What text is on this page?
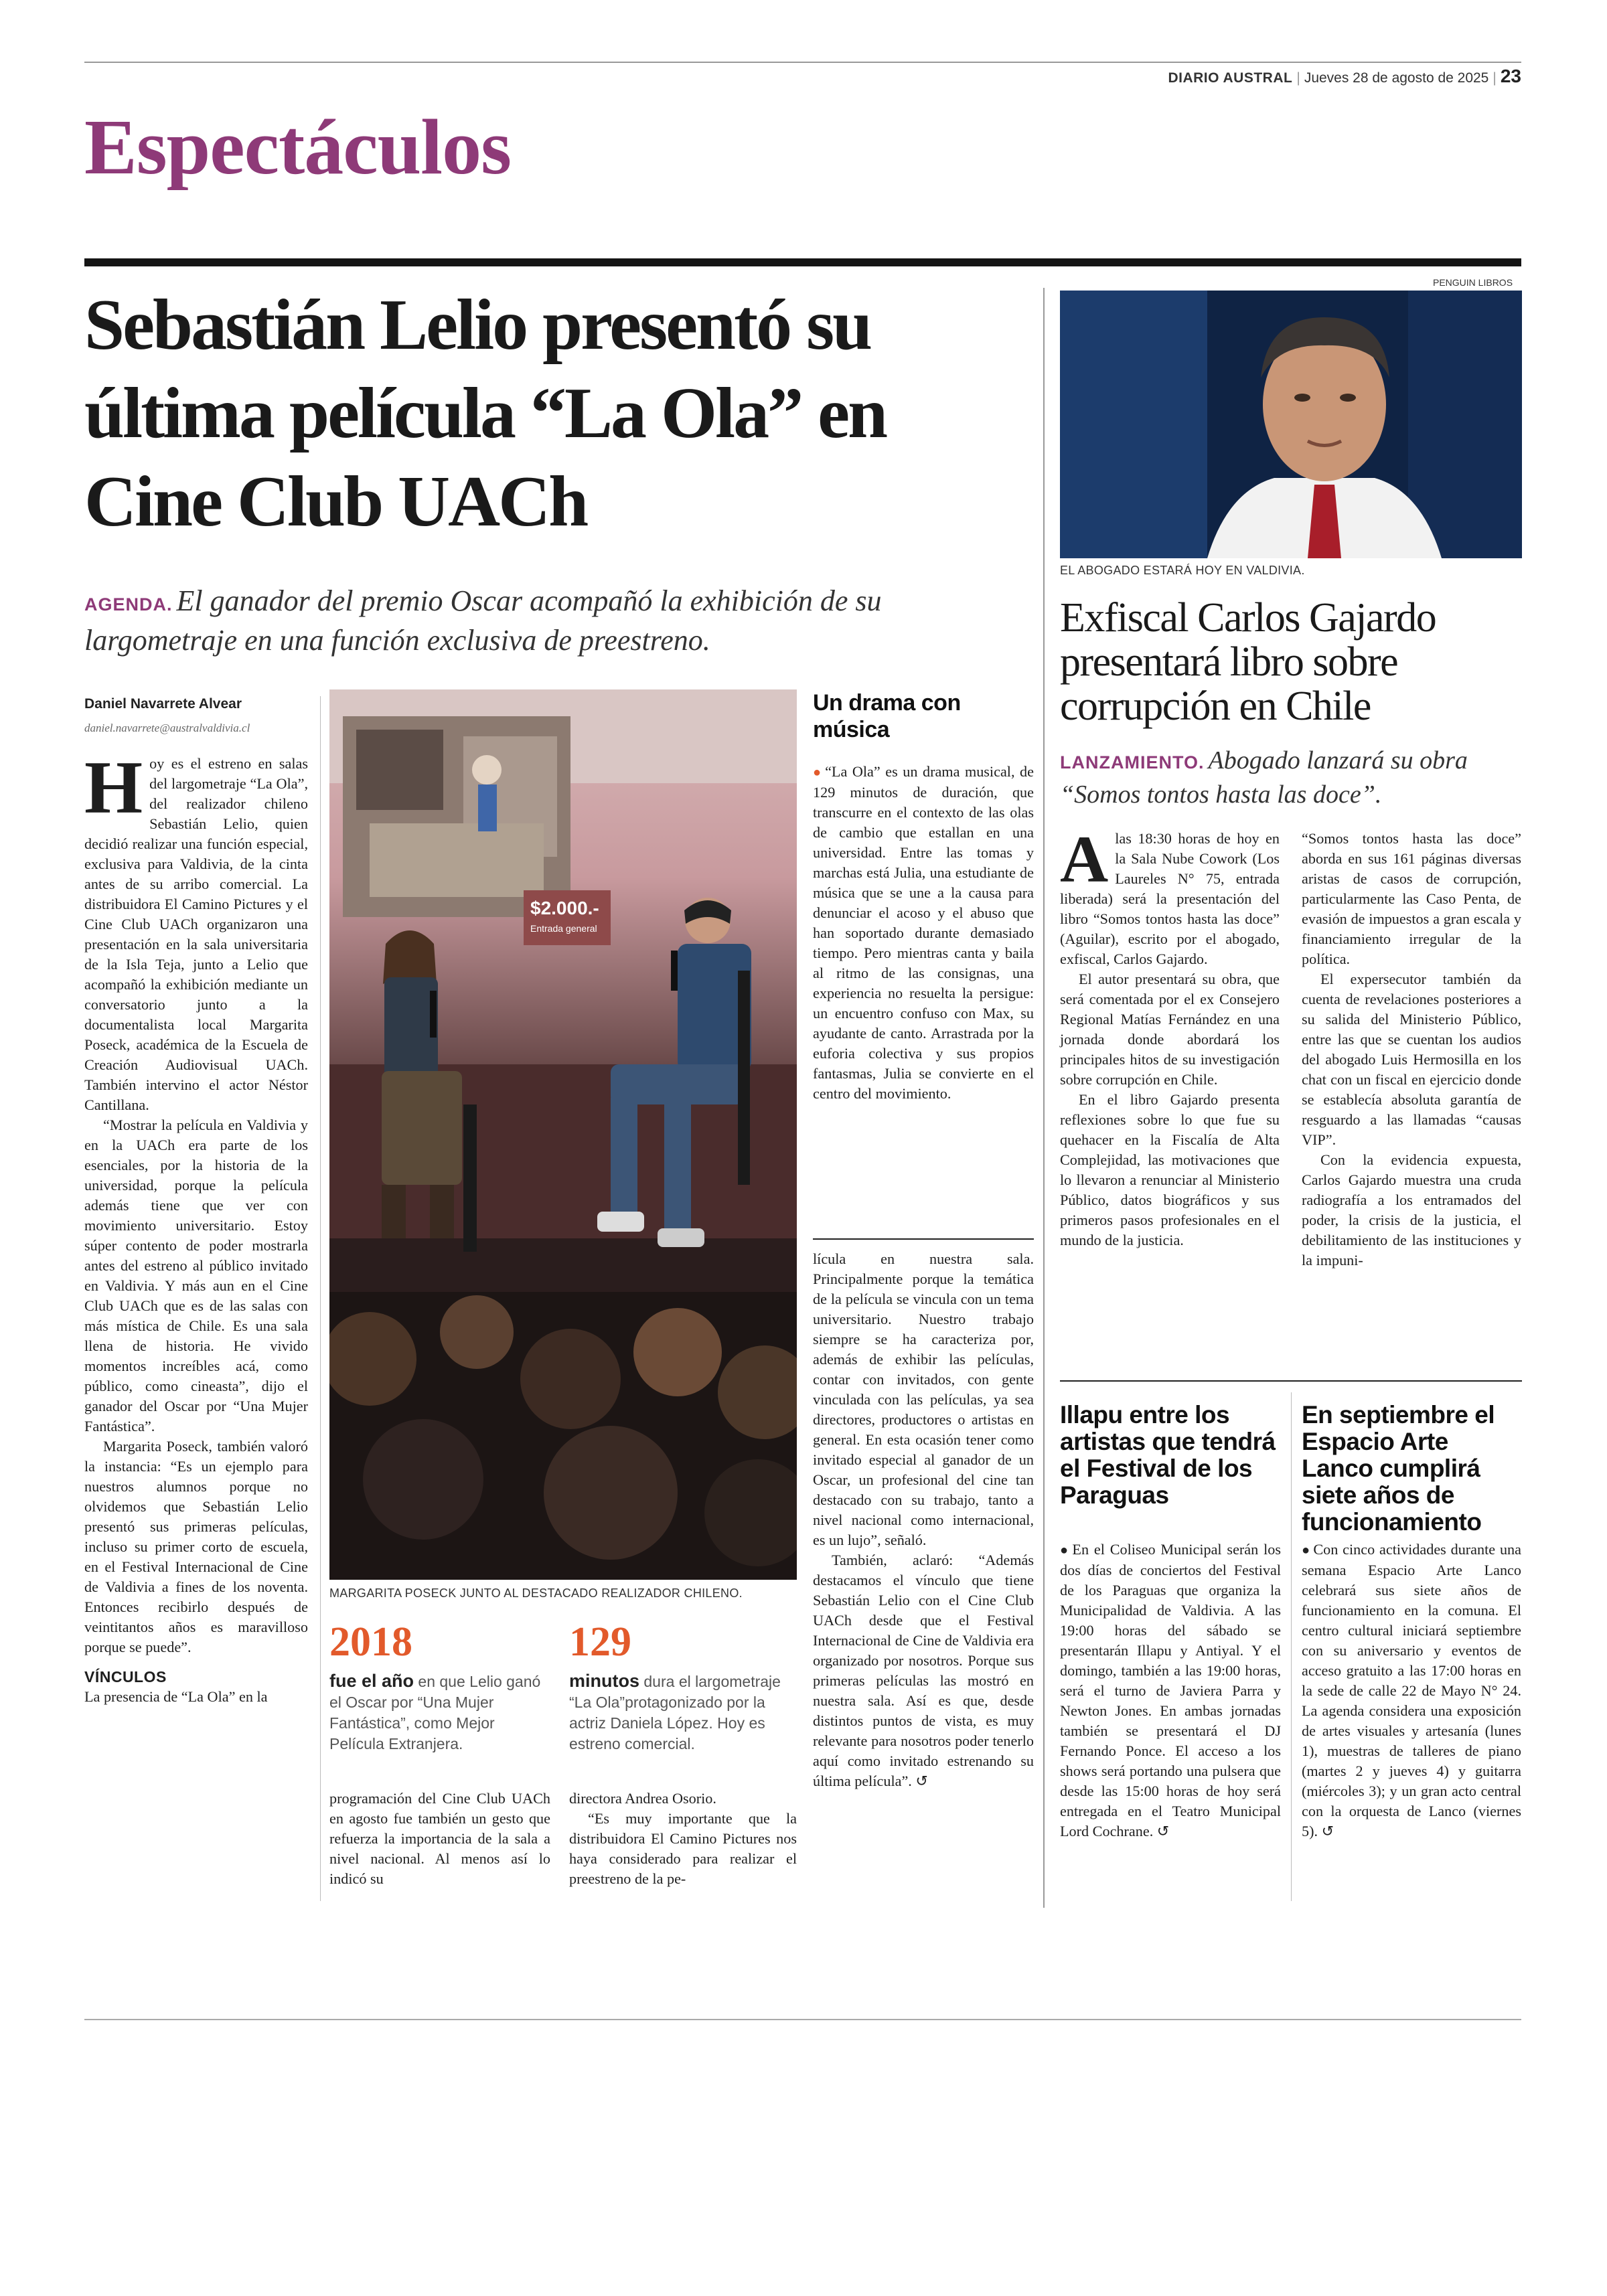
DIARIO AUSTRAL | Jueves 28 de agosto de 2025 | 23
Espectáculos
Sebastián Lelio presentó su última película “La Ola” en Cine Club UACh
AGENDA. El ganador del premio Oscar acompañó la exhibición de su largometraje en una función exclusiva de preestreno.
Daniel Navarrete Alvear
daniel.navarrete@australvaldivia.cl

Hoy es el estreno en salas del largometraje “La Ola”, del realizador chileno Sebastián Lelio, quien decidió realizar una función especial, exclusiva para Valdivia, de la cinta antes de su arribo comercial. La distribuidora El Camino Pictures y el Cine Club UACh organizaron una presentación en la sala universitaria de la Isla Teja, junto a Lelio que acompañó la exhibición mediante un conversatorio junto a la documentalista local Margarita Poseck, académica de la Escuela de Creación Audiovisual UACh. También intervino el actor Néstor Cantillana.

“Mostrar la película en Valdivia y en la UACh era parte de los esenciales, por la historia de la universidad, porque la película además tiene que ver con movimiento universitario. Estoy súper contento de poder mostrarla antes del estreno al público invitado en Valdivia. Y más aun en el Cine Club UACh que es de las salas con más mística de Chile. Es una sala llena de historia. He vivido momentos increíbles acá, como público, como cineasta”, dijo el ganador del Oscar por “Una Mujer Fantástica”.

Margarita Poseck, también valoró la instancia: “Es un ejemplo para nuestros alumnos porque no olvidemos que Sebastián Lelio presentó sus primeras películas, incluso su primer corto de escuela, en el Festival Internacional de Cine de Valdivia a fines de los noventa. Entonces recibirlo después de veintitantos años es maravilloso porque se puede”.

VÍNCULOS

La presencia de “La Ola” en la

$2.000.-
Entrada general
MARGARITA POSECK JUNTO AL DESTACADO REALIZADOR CHILENO.
2018
fue el año en que Lelio ganó el Oscar por “Una Mujer Fantástica”, como Mejor Película Extranjera.
129
minutos dura el largometraje “La Ola”protagonizado por la actriz Daniela López. Hoy es estreno comercial.

programación del Cine Club UACh en agosto fue también un gesto que refuerza la importancia de la sala a nivel nacional. Al menos así lo indicó su

directora Andrea Osorio.

“Es muy importante que la distribuidora El Camino Pictures nos haya considerado para realizar el preestreno de la pe-

Un drama con música

● “La Ola” es un drama musical, de 129 minutos de duración, que transcurre en el contexto de las olas de cambio que estallan en una universidad. Entre las tomas y marchas está Julia, una estudiante de música que se une a la causa para denunciar el acoso y el abuso que han soportado durante demasiado tiempo. Pero mientras canta y baila al ritmo de las consignas, una experiencia no resuelta la persigue: un encuentro confuso con Max, su ayudante de canto. Arrastrada por la euforia colectiva y sus propios fantasmas, Julia se convierte en el centro del movimiento.

lícula en nuestra sala. Principalmente porque la temática de la película se vincula con un tema universitario. Nuestro trabajo siempre se ha caracteriza por, además de exhibir las películas, contar con invitados, con gente vinculada con las películas, ya sea directores, productores o artistas en general. En esta ocasión tener como invitado especial al ganador de un Oscar, un profesional del cine tan destacado con su trabajo, tanto a nivel nacional como internacional, es un lujo”, señaló.

También, aclaró: “Además destacamos el vínculo que tiene Sebastián Lelio con el Cine Club UACh desde que el Festival Internacional de Cine de Valdivia era organizado por nosotros. Porque sus primeras películas las mostró en nuestra sala. Así es que, desde distintos puntos de vista, es muy relevante para nosotros poder tenerlo aquí como invitado estrenando su última película”. ↺

PENGUIN LIBROS
EL ABOGADO ESTARÁ HOY EN VALDIVIA.
Exfiscal Carlos Gajardo presentará libro sobre corrupción en Chile
LANZAMIENTO. Abogado lanzará su obra “Somos tontos hasta las doce”.

Alas 18:30 horas de hoy en la Sala Nube Cowork (Los Laureles N° 75, entrada liberada) será la presentación del libro “Somos tontos hasta las doce” (Aguilar), escrito por el abogado, exfiscal, Carlos Gajardo.

El autor presentará su obra, que será comentada por el ex Consejero Regional Matías Fernández en una jornada donde abordará los principales hitos de su investigación sobre corrupción en Chile.

En el libro Gajardo presenta reflexiones sobre lo que fue su quehacer en la Fiscalía de Alta Complejidad, las motivaciones que lo llevaron a renunciar al Ministerio Público, datos biográficos y sus primeros pasos profesionales en el mundo de la justicia.

“Somos tontos hasta las doce” aborda en sus 161 páginas diversas aristas de casos de corrupción, particularmente las Caso Penta, de evasión de impuestos a gran escala y financiamiento irregular de la política.

El expersecutor también da cuenta de revelaciones posteriores a su salida del Ministerio Público, entre las que se cuentan los audios del abogado Luis Hermosilla en los chat con un fiscal en ejercicio donde se establecía absoluta garantía de resguardo a las llamadas “causas VIP”.

Con la evidencia expuesta, Carlos Gajardo muestra una cruda radiografía a los entramados del poder, la crisis de la justicia, el debilitamiento de las instituciones y la impuni-

Illapu entre los artistas que tendrá el Festival de los Paraguas

● En el Coliseo Municipal serán los dos días de conciertos del Festival de los Paraguas que organiza la Municipalidad de Valdivia. A las 19:00 horas del sábado se presentarán Illapu y Antiyal. Y el domingo, también a las 19:00 horas, será el turno de Javiera Parra y Newton Jones. En ambas jornadas también se presentará el DJ Fernando Ponce. El acceso a los shows será portando una pulsera que desde las 15:00 horas de hoy será entregada en el Teatro Municipal Lord Cochrane. ↺

En septiembre el Espacio Arte Lanco cumplirá siete años de funcionamiento

● Con cinco actividades durante una semana Espacio Arte Lanco celebrará sus siete años de funcionamiento en la comuna. El centro cultural iniciará septiembre con su aniversario y eventos de acceso gratuito a las 17:00 horas en la sede de calle 22 de Mayo N° 24. La agenda considera una exposición de artes visuales y artesanía (lunes 1), muestras de talleres de piano (martes 2 y jueves 4) y guitarra (miércoles 3); y un gran acto central con la orquesta de Lanco (viernes 5). ↺
